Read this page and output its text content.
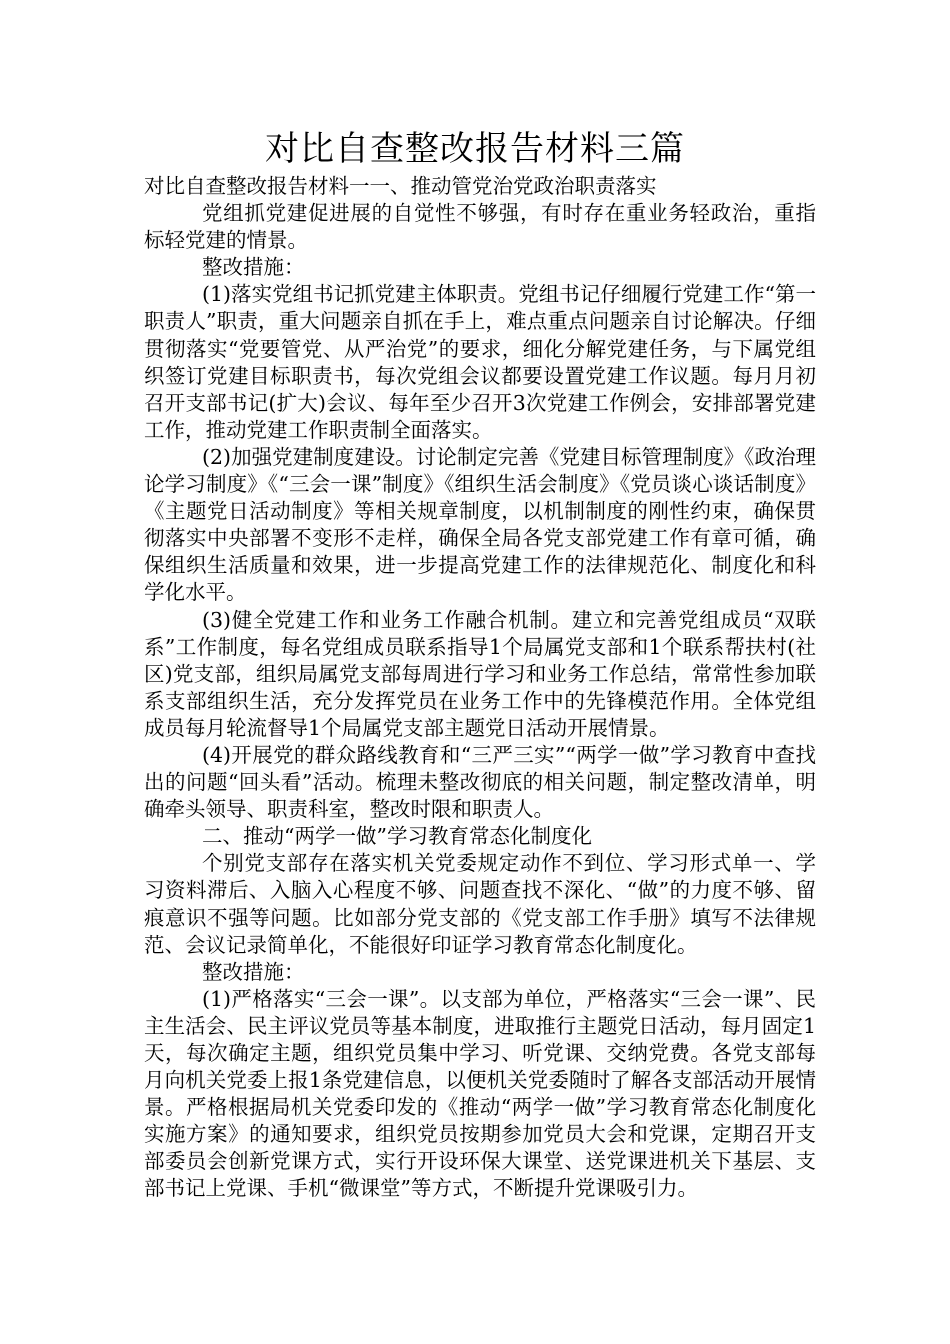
对比自查整改报告材料三篇

对比自查整改报告材料一一、推动管党治党政治职责落实

党组抓党建促进展的自觉性不够强，有时存在重业务轻政治，重指标轻党建的情景。

整改措施：

(1)落实党组书记抓党建主体职责。党组书记仔细履行党建工作“第一职责人”职责，重大问题亲自抓在手上，难点重点问题亲自讨论解决。仔细贯彻落实“党要管党、从严治党”的要求，细化分解党建任务，与下属党组织签订党建目标职责书，每次党组会议都要设置党建工作议题。每月月初召开支部书记(扩大)会议、每年至少召开3次党建工作例会，安排部署党建工作，推动党建工作职责制全面落实。

(2)加强党建制度建设。讨论制定完善《党建目标管理制度》《政治理论学习制度》《“三会一课”制度》《组织生活会制度》《党员谈心谈话制度》《主题党日活动制度》等相关规章制度，以机制制度的刚性约束，确保贯彻落实中央部署不变形不走样，确保全局各党支部党建工作有章可循，确保组织生活质量和效果，进一步提高党建工作的法律规范化、制度化和科学化水平。

(3)健全党建工作和业务工作融合机制。建立和完善党组成员“双联系”工作制度，每名党组成员联系指导1个局属党支部和1个联系帮扶村(社区)党支部，组织局属党支部每周进行学习和业务工作总结，常常性参加联系支部组织生活，充分发挥党员在业务工作中的先锋模范作用。全体党组成员每月轮流督导1个局属党支部主题党日活动开展情景。

(4)开展党的群众路线教育和“三严三实”“两学一做”学习教育中查找出的问题“回头看”活动。梳理未整改彻底的相关问题，制定整改清单，明确牵头领导、职责科室，整改时限和职责人。

二、推动“两学一做”学习教育常态化制度化

个别党支部存在落实机关党委规定动作不到位、学习形式单一、学习资料滞后、入脑入心程度不够、问题查找不深化、“做”的力度不够、留痕意识不强等问题。比如部分党支部的《党支部工作手册》填写不法律规范、会议记录简单化，不能很好印证学习教育常态化制度化。

整改措施：

(1)严格落实“三会一课”。以支部为单位，严格落实“三会一课”、民主生活会、民主评议党员等基本制度，进取推行主题党日活动，每月固定1天，每次确定主题，组织党员集中学习、听党课、交纳党费。各党支部每月向机关党委上报1条党建信息，以便机关党委随时了解各支部活动开展情景。严格根据局机关党委印发的《推动“两学一做”学习教育常态化制度化实施方案》的通知要求，组织党员按期参加党员大会和党课，定期召开支部委员会创新党课方式，实行开设环保大课堂、送党课进机关下基层、支部书记上党课、手机“微课堂”等方式，不断提升党课吸引力。
